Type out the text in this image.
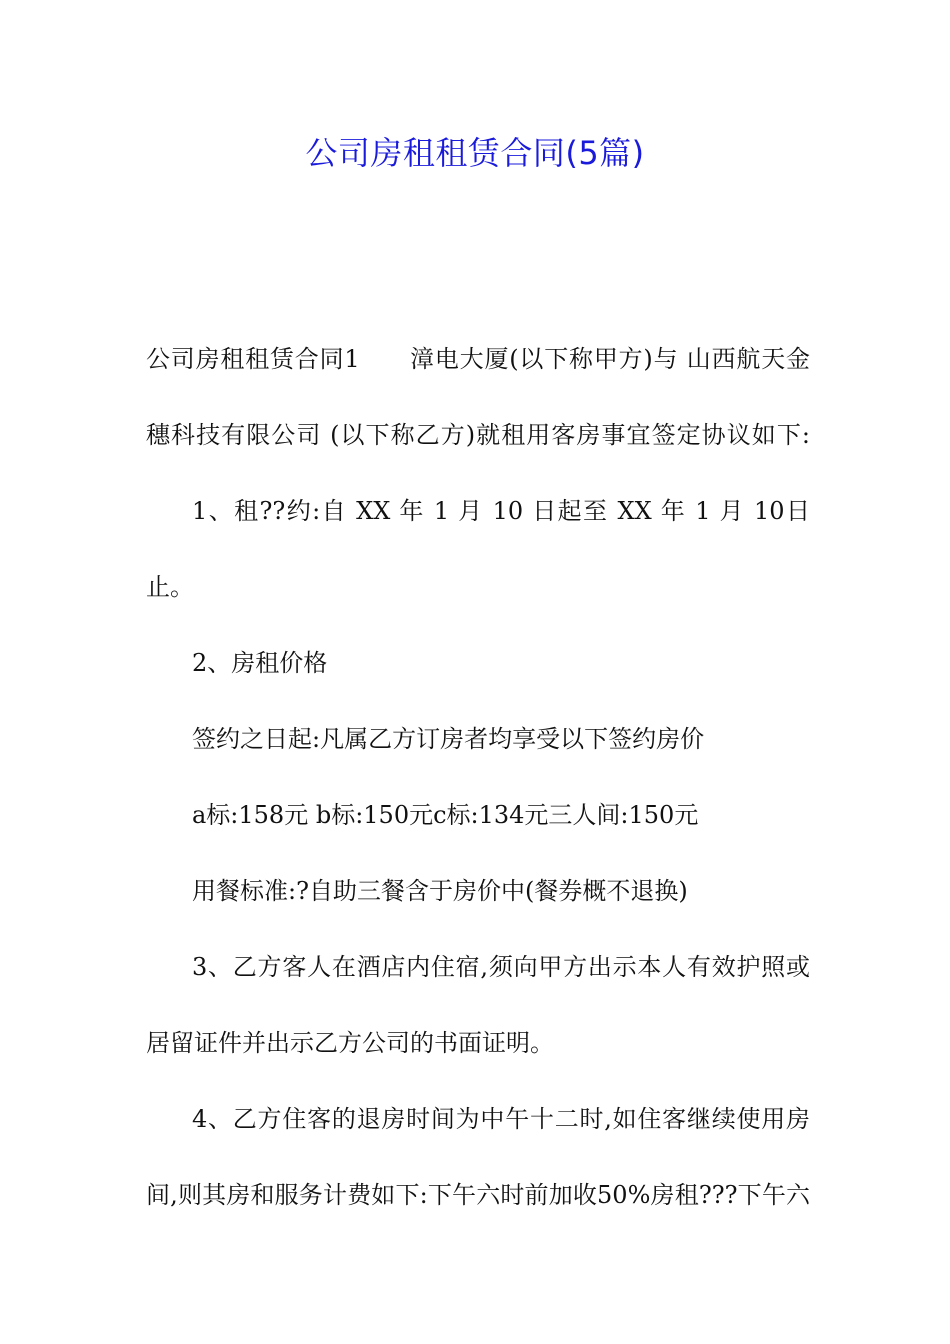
公司房租租赁合同(5篇)

公司房租租赁合同1　　漳电大厦(以下称甲方)与 山西航天金

穗科技有限公司 (以下称乙方)就租用客房事宜签定协议如下:

1、租??约:自 XX 年 1 月 10 日起至 XX 年 1 月 10日

止。

2、房租价格

签约之日起:凡属乙方订房者均享受以下签约房价

a标:158元 b标:150元c标:134元三人间:150元

用餐标准:?自助三餐含于房价中(餐券概不退换)

3、乙方客人在酒店内住宿,须向甲方出示本人有效护照或

居留证件并出示乙方公司的书面证明。

4、乙方住客的退房时间为中午十二时,如住客继续使用房

间,则其房和服务计费如下:下午六时前加收50%房租???下午六
